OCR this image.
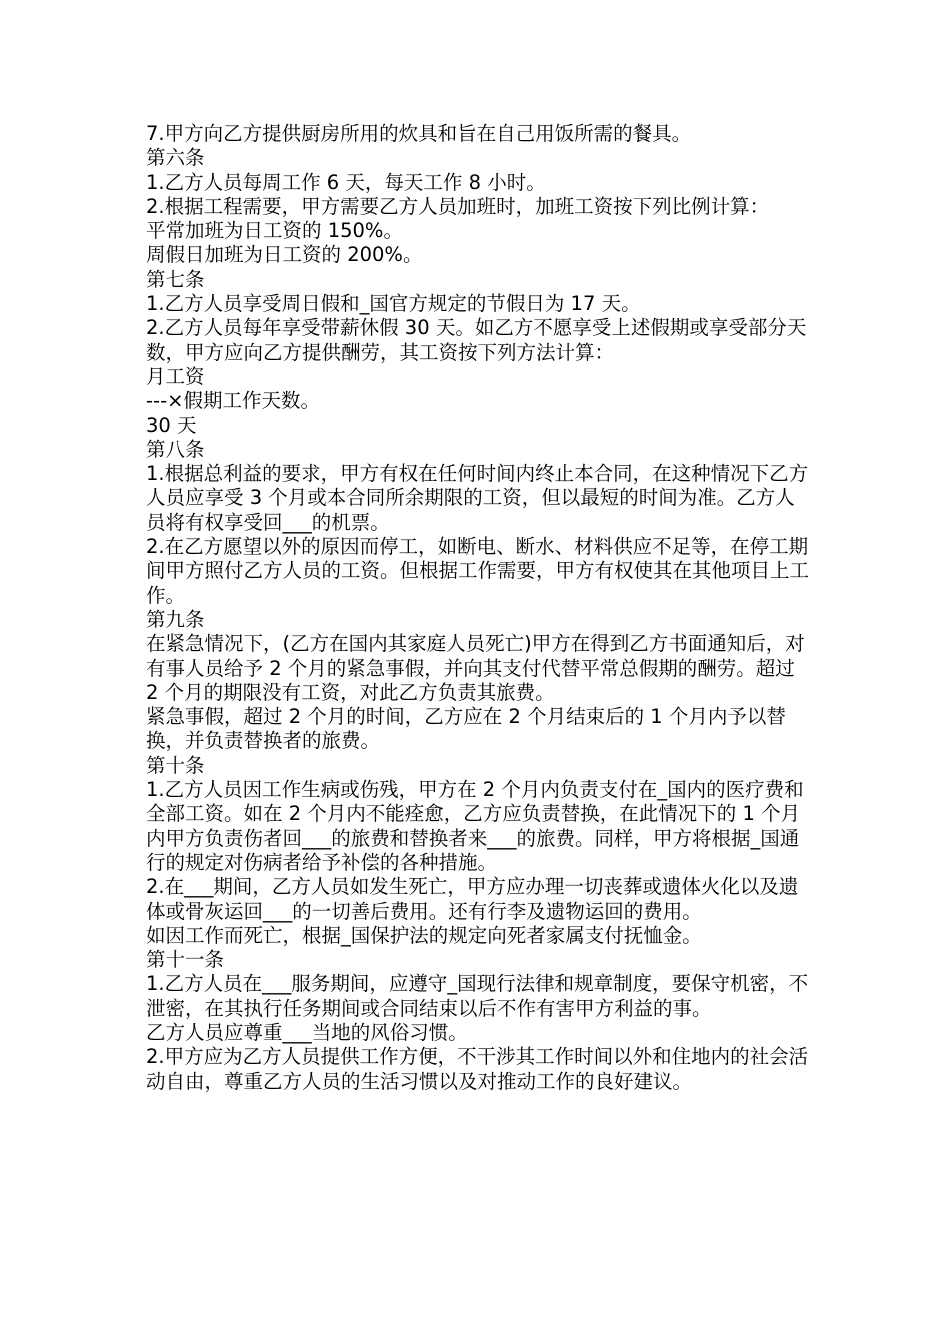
7.甲方向乙方提供厨房所用的炊具和旨在自己用饭所需的餐具。

第六条

1.乙方人员每周工作 6 天，每天工作 8 小时。

2.根据工程需要，甲方需要乙方人员加班时，加班工资按下列比例计算：

平常加班为日工资的 150%。

周假日加班为日工资的 200%。

第七条

1.乙方人员享受周日假和_国官方规定的节假日为 17 天。

2.乙方人员每年享受带薪休假 30 天。如乙方不愿享受上述假期或享受部分天数，甲方应向乙方提供酬劳，其工资按下列方法计算：

月工资

---×假期工作天数。

30 天

第八条

1.根据总利益的要求，甲方有权在任何时间内终止本合同，在这种情况下乙方人员应享受 3 个月或本合同所余期限的工资，但以最短的时间为准。乙方人员将有权享受回___的机票。

2.在乙方愿望以外的原因而停工，如断电、断水、材料供应不足等，在停工期间甲方照付乙方人员的工资。但根据工作需要，甲方有权使其在其他项目上工作。

第九条

在紧急情况下，(乙方在国内其家庭人员死亡)甲方在得到乙方书面通知后，对有事人员给予 2 个月的紧急事假，并向其支付代替平常总假期的酬劳。超过 2 个月的期限没有工资，对此乙方负责其旅费。

紧急事假，超过 2 个月的时间，乙方应在 2 个月结束后的 1 个月内予以替换，并负责替换者的旅费。

第十条

1.乙方人员因工作生病或伤残，甲方在 2 个月内负责支付在_国内的医疗费和全部工资。如在 2 个月内不能痊愈，乙方应负责替换，在此情况下的 1 个月内甲方负责伤者回___的旅费和替换者来___的旅费。同样，甲方将根据_国通行的规定对伤病者给予补偿的各种措施。

2.在___期间，乙方人员如发生死亡，甲方应办理一切丧葬或遗体火化以及遗体或骨灰运回___的一切善后费用。还有行李及遗物运回的费用。

如因工作而死亡，根据_国保护法的规定向死者家属支付抚恤金。

第十一条

1.乙方人员在___服务期间，应遵守_国现行法律和规章制度，要保守机密，不泄密，在其执行任务期间或合同结束以后不作有害甲方利益的事。

乙方人员应尊重___当地的风俗习惯。

2.甲方应为乙方人员提供工作方便，不干涉其工作时间以外和住地内的社会活动自由，尊重乙方人员的生活习惯以及对推动工作的良好建议。
